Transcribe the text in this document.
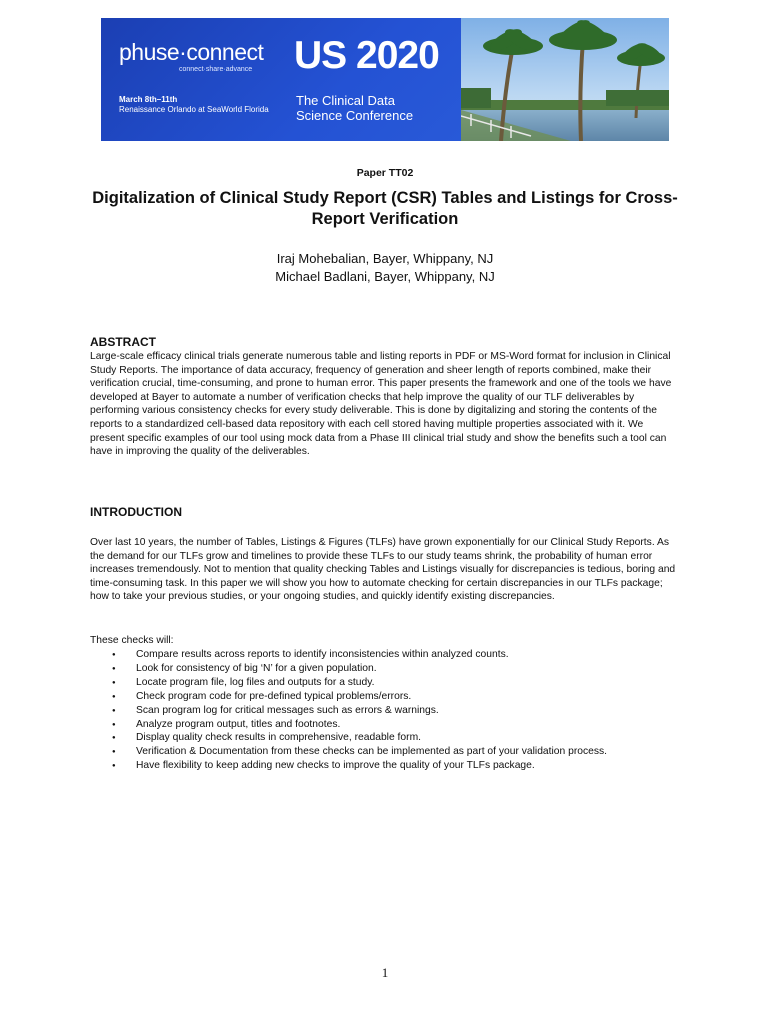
phuse·connect
connect·share·advance
March 8th–11th
Renaissance Orlando at SeaWorld Florida
US 2020
The Clinical Data Science Conference
Paper TT02
Digitalization of Clinical Study Report (CSR) Tables and Listings for Cross-Report Verification
Iraj Mohebalian, Bayer, Whippany, NJ
Michael Badlani, Bayer, Whippany, NJ
ABSTRACT

Large-scale efficacy clinical trials generate numerous table and listing reports in PDF or MS-Word format for inclusion in Clinical Study Reports. The importance of data accuracy, frequency of generation and sheer length of reports combined, make their verification crucial, time-consuming, and prone to human error. This paper presents the framework and one of the tools we have developed at Bayer to automate a number of verification checks that help improve the quality of our TLF deliverables by performing various consistency checks for every study deliverable. This is done by digitalizing and storing the contents of the reports to a standardized cell-based data repository with each cell stored having multiple properties associated with it. We present specific examples of our tool using mock data from a Phase III clinical trial study and show the benefits such a tool can have in improving the quality of the deliverables.

INTRODUCTION

Over last 10 years, the number of Tables, Listings & Figures (TLFs) have grown exponentially for our Clinical Study Reports. As the demand for our TLFs grow and timelines to provide these TLFs to our study teams shrink, the probability of human error increases tremendously. Not to mention that quality checking Tables and Listings visually for discrepancies is tedious, boring and time-consuming task. In this paper we will show you how to automate checking for certain discrepancies in our TLFs package; how to take your previous studies, or your ongoing studies, and quickly identify existing discrepancies.

These checks will:
● Compare results across reports to identify inconsistencies within analyzed counts.
● Look for consistency of big ‘N’ for a given population.
● Locate program file, log files and outputs for a study.
● Check program code for pre-defined typical problems/errors.
● Scan program log for critical messages such as errors & warnings.
● Analyze program output, titles and footnotes.
● Display quality check results in comprehensive, readable form.
● Verification & Documentation from these checks can be implemented as part of your validation process.
● Have flexibility to keep adding new checks to improve the quality of your TLFs package.
1
